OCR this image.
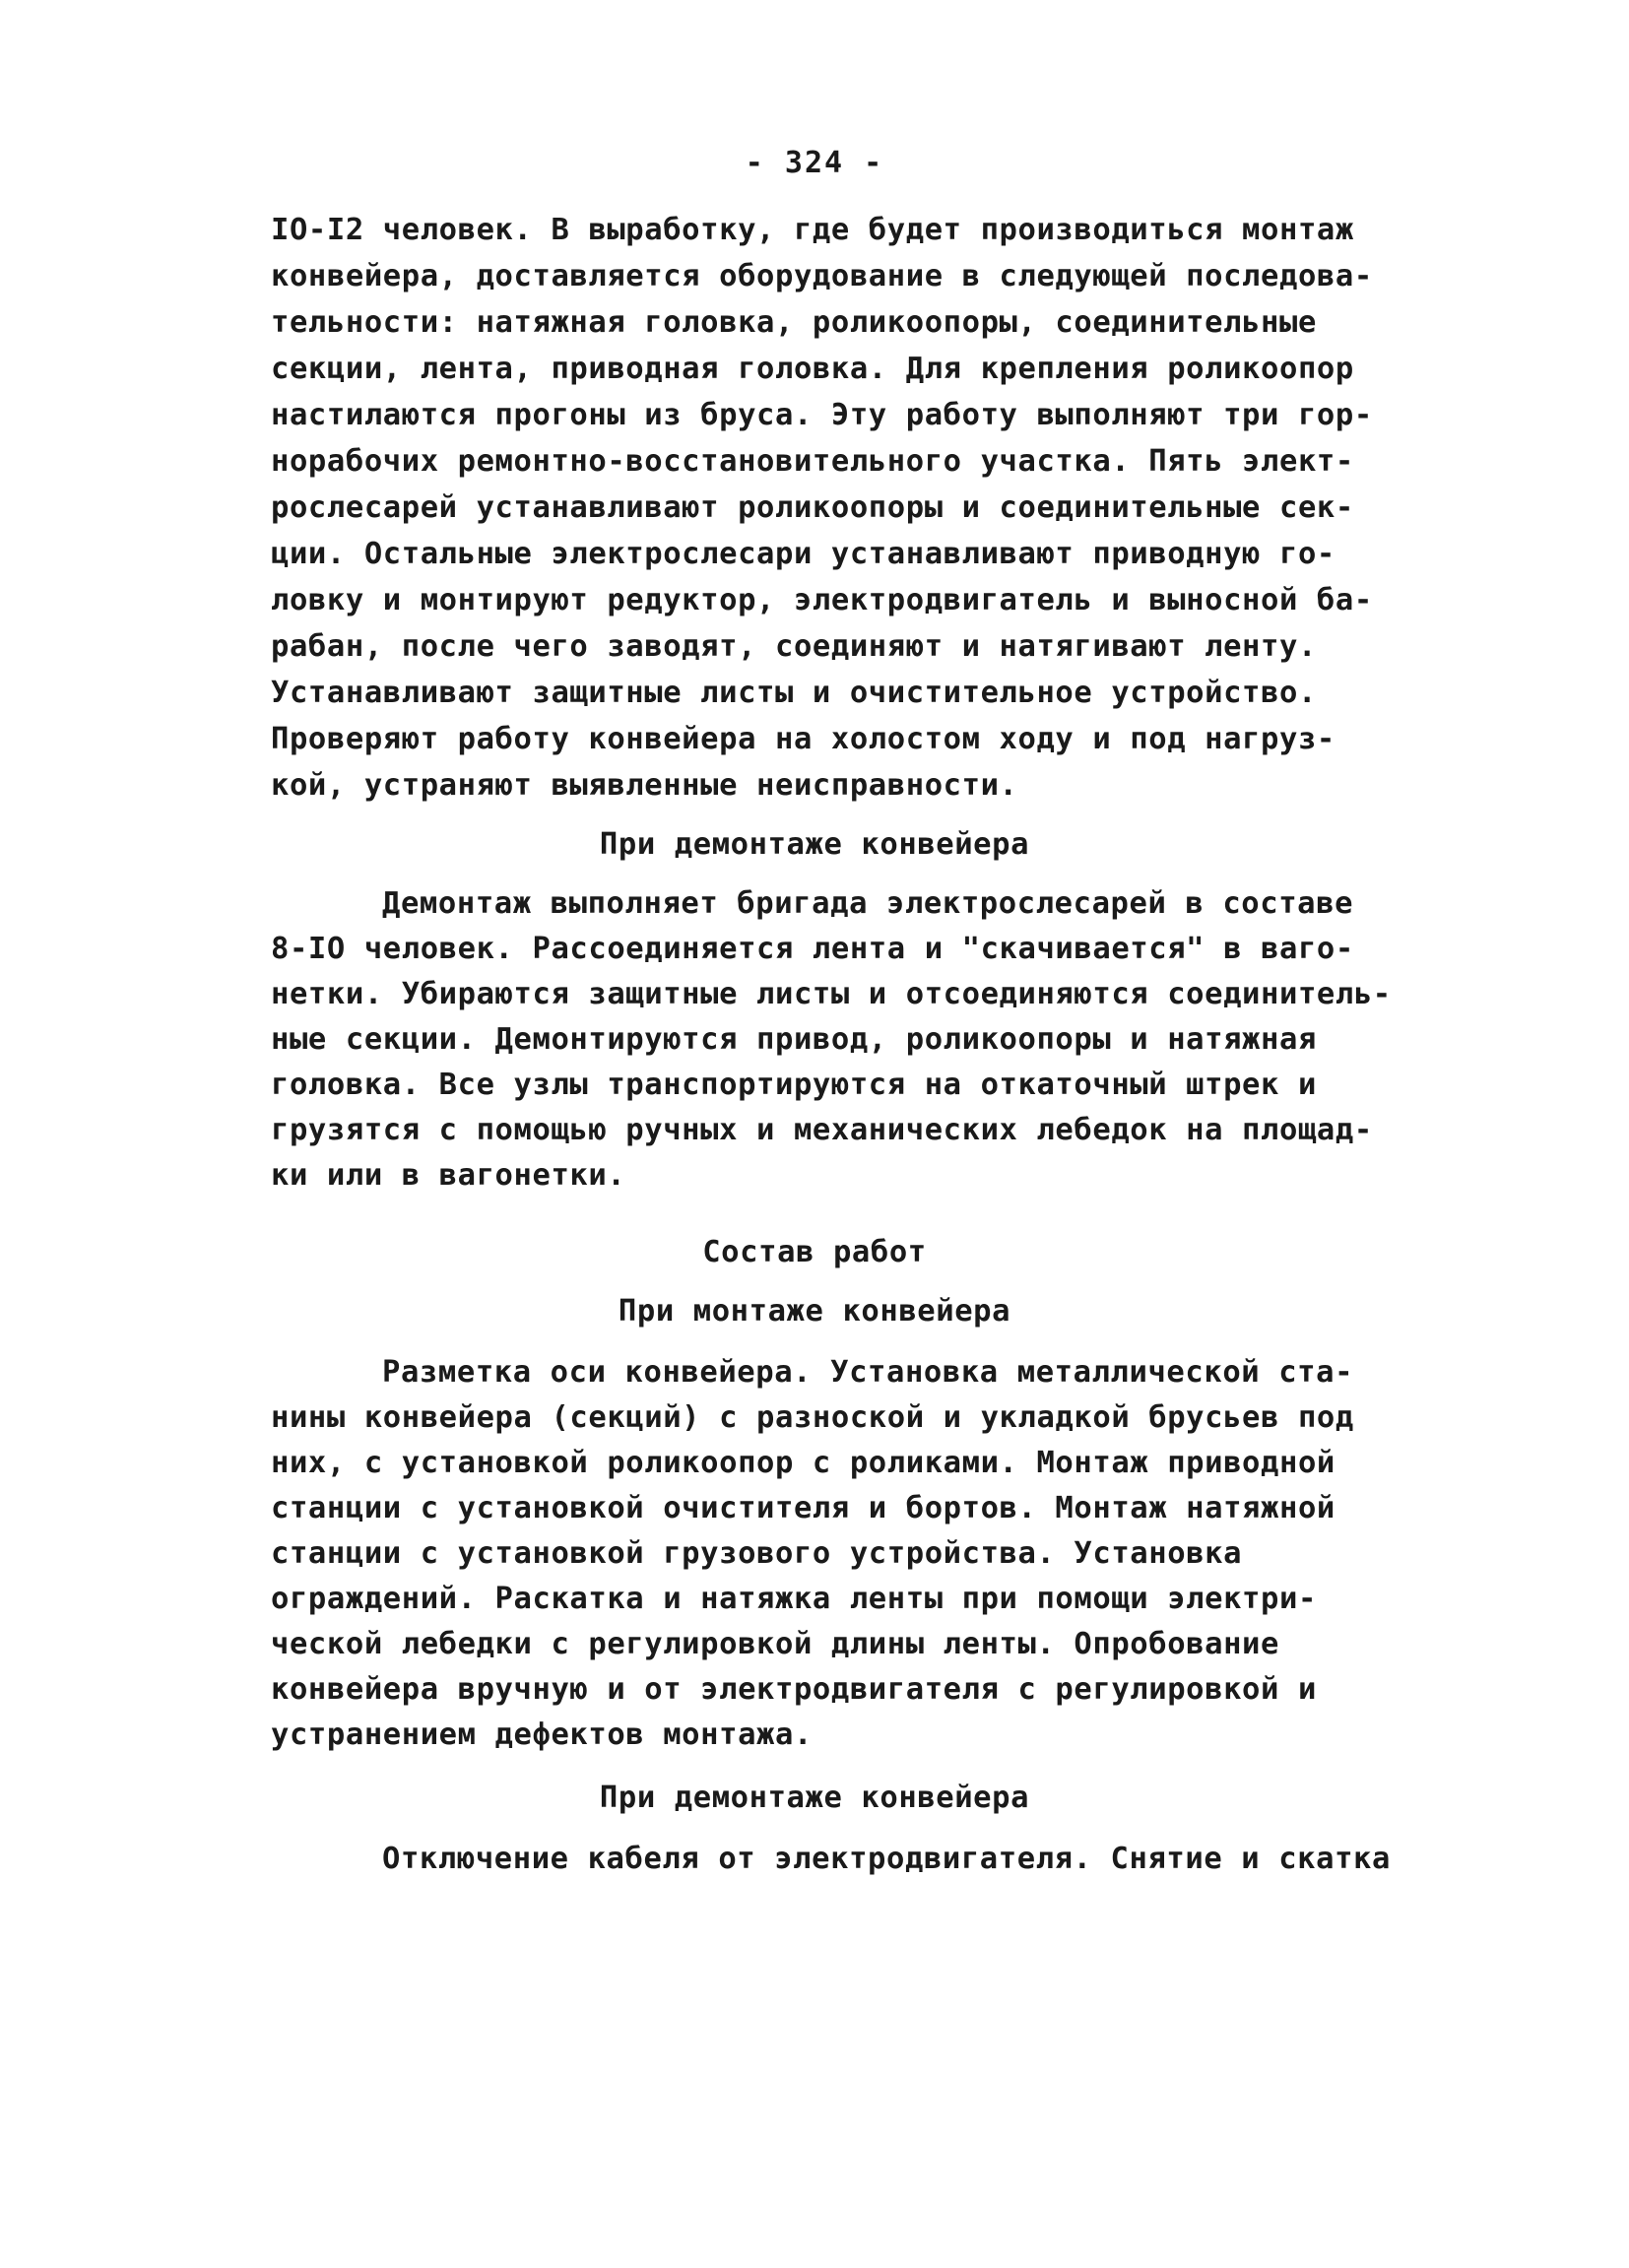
- 324 -
IO-I2 человек. В выработку, где будет производиться монтаж
конвейера, доставляется оборудование в следующей последова-
тельности: натяжная головка, роликоопоры, соединительные
секции, лента, приводная головка. Для крепления роликоопор
настилаются прогоны из бруса. Эту работу выполняют три гор-
норабочих ремонтно-восстановительного участка. Пять элект-
рослесарей устанавливают роликоопоры и соединительные сек-
ции. Остальные электрослесари устанавливают приводную го-
ловку и монтируют редуктор, электродвигатель и выносной ба-
рабан, после чего заводят, соединяют и натягивают ленту.
Устанавливают защитные листы и очистительное устройство.
Проверяют работу конвейера на холостом ходу и под нагруз-
кой, устраняют выявленные неисправности.
При демонтаже конвейера
Демонтаж выполняет бригада электрослесарей в составе
8-IO человек. Рассоединяется лента и "скачивается" в ваго-
нетки. Убираются защитные листы и отсоединяются соединитель-
ные секции. Демонтируются привод, роликоопоры и натяжная
головка. Все узлы транспортируются на откаточный штрек и
грузятся с помощью ручных и механических лебедок на площад-
ки или в вагонетки.
Состав работ
При монтаже конвейера
Разметка оси конвейера. Установка металлической ста-
нины конвейера (секций) с разноской и укладкой брусьев под
них, с установкой роликоопор с роликами. Монтаж приводной
станции с установкой очистителя и бортов. Монтаж натяжной
станции с установкой грузового устройства. Установка
ограждений. Раскатка и натяжка ленты при помощи электри-
ческой лебедки с регулировкой длины ленты. Опробование
конвейера вручную и от электродвигателя с регулировкой и
устранением дефектов монтажа.
При демонтаже конвейера
Отключение кабеля от электродвигателя. Снятие и скатка
